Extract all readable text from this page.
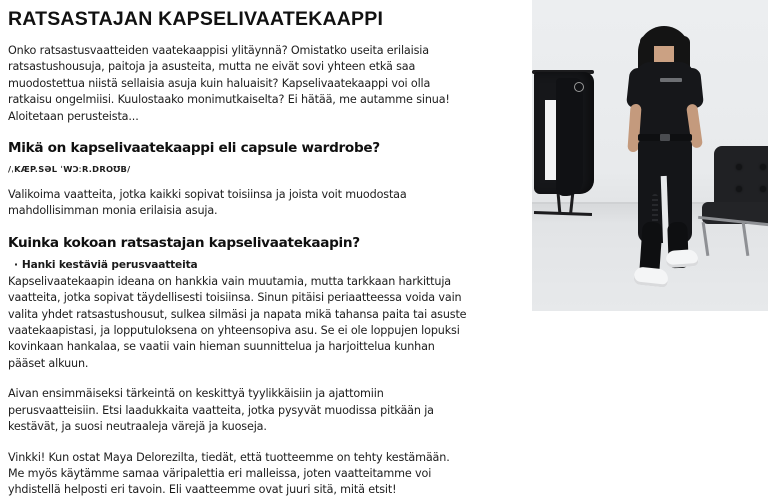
RATSASTAJAN KAPSELIVAATEKAAPPI

Onko ratsastusvaatteiden vaatekaappisi ylitäynnä? Omistatko useita erilaisia ratsastushousuja, paitoja ja asusteita, mutta ne eivät sovi yhteen etkä saa muodostettua niistä sellaisia asuja kuin haluaisit? Kapselivaatekaappi voi olla ratkaisu ongelmiisi. Kuulostaako monimutkaiselta? Ei hätää, me autamme sinua! Aloitetaan perusteista...

Mikä on kapselivaatekaappi eli capsule wardrobe?
/ˌKÆP.SƏL ˈWƆːR.DROƱB/

Valikoima vaatteita, jotka kaikki sopivat toisiinsa ja joista voit muodostaa mahdollisimman monia erilaisia asuja.

Kuinka kokoan ratsastajan kapselivaatekaapin?
· Hanki kestäviä perusvaatteita

Kapselivaatekaapin ideana on hankkia vain muutamia, mutta tarkkaan harkittuja vaatteita, jotka sopivat täydellisesti toisiinsa. Sinun pitäisi periaatteessa voida vain valita yhdet ratsastushousut, sulkea silmäsi ja napata mikä tahansa paita tai asuste vaatekaapistasi, ja lopputuloksena on yhteensopiva asu. Se ei ole loppujen lopuksi kovinkaan hankalaa, se vaatii vain hieman suunnittelua ja harjoittelua kunhan pääset alkuun.

Aivan ensimmäiseksi tärkeintä on keskittyä tyylikkäisiin ja ajattomiin perusvaatteisiin. Etsi laadukkaita vaatteita, jotka pysyvät muodissa pitkään ja kestävät, ja suosi neutraaleja värejä ja kuoseja.

Vinkki! Kun ostat Maya Delorezilta, tiedät, että tuotteemme on tehty kestämään. Me myös käytämme samaa väripalettia eri malleissa, joten vaatteitamme voi yhdistellä helposti eri tavoin. Eli vaatteemme ovat juuri sitä, mitä etsit!
